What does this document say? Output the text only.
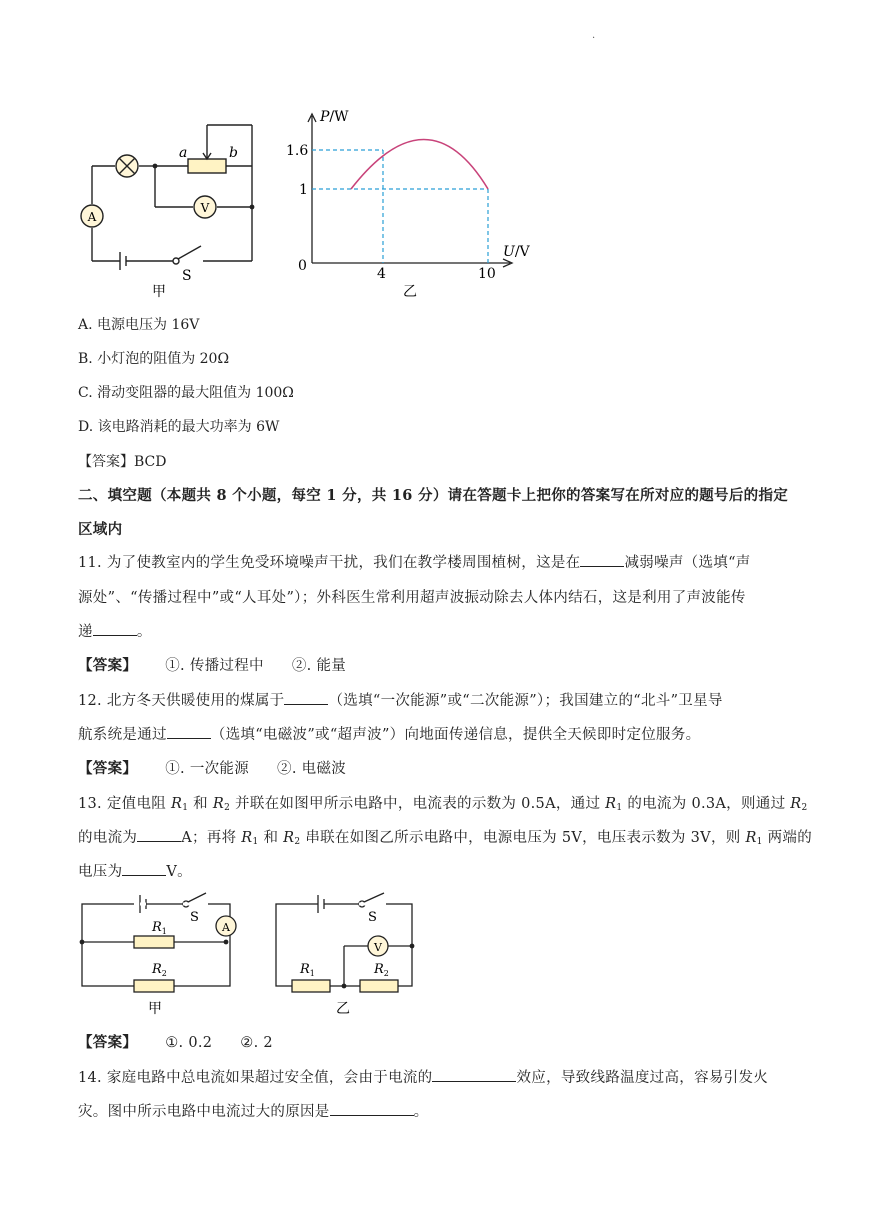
.
A
V
a	b
S
甲
P/W
1.6
1
0	4	10
U/V
乙
A. 电源电压为 16V
B. 小灯泡的阻值为 20Ω
C. 滑动变阻器的最大阻值为 100Ω
D. 该电路消耗的最大功率为 6W
【答案】BCD
二、填空题（本题共 8 个小题，每空 1 分，共 16 分）请在答题卡上把你的答案写在所对应的题号后的指定
区域内
11. 为了使教室内的学生免受环境噪声干扰，我们在教学楼周围植树，这是在	减弱噪声（选填“声
源处”、“传播过程中”或“人耳处”）；外科医生常利用超声波振动除去人体内结石，这是利用了声波能传
递	。
【答案】 ①. 传播过程中 ②. 能量
12. 北方冬天供暖使用的煤属于	（选填“一次能源”或“二次能源”）；我国建立的“北斗”卫星导
航系统是通过	（选填“电磁波”或“超声波”）向地面传递信息，提供全天候即时定位服务。
【答案】 ①. 一次能源 ②. 电磁波
13. 定值电阻 $R_1$ 和 $R_2$ 并联在如图甲所示电路中，电流表的示数为 0.5A，通过 $R_1$ 的电流为 0.3A，则通过 $R_2$
的电流为	A；再将 $R_1$ 和 $R_2$ 串联在如图乙所示电路中，电源电压为 5V，电压表示数为 3V，则 $R_1$ 两端的
电压为	V。
A
S
$R_1$
$R_2$
甲
V
S
$R_1$	$R_2$
乙
【答案】 ①. 0.2 ②. 2
14. 家庭电路中总电流如果超过安全值，会由于电流的	效应，导致线路温度过高，容易引发火
灾。图中所示电路中电流过大的原因是	。
